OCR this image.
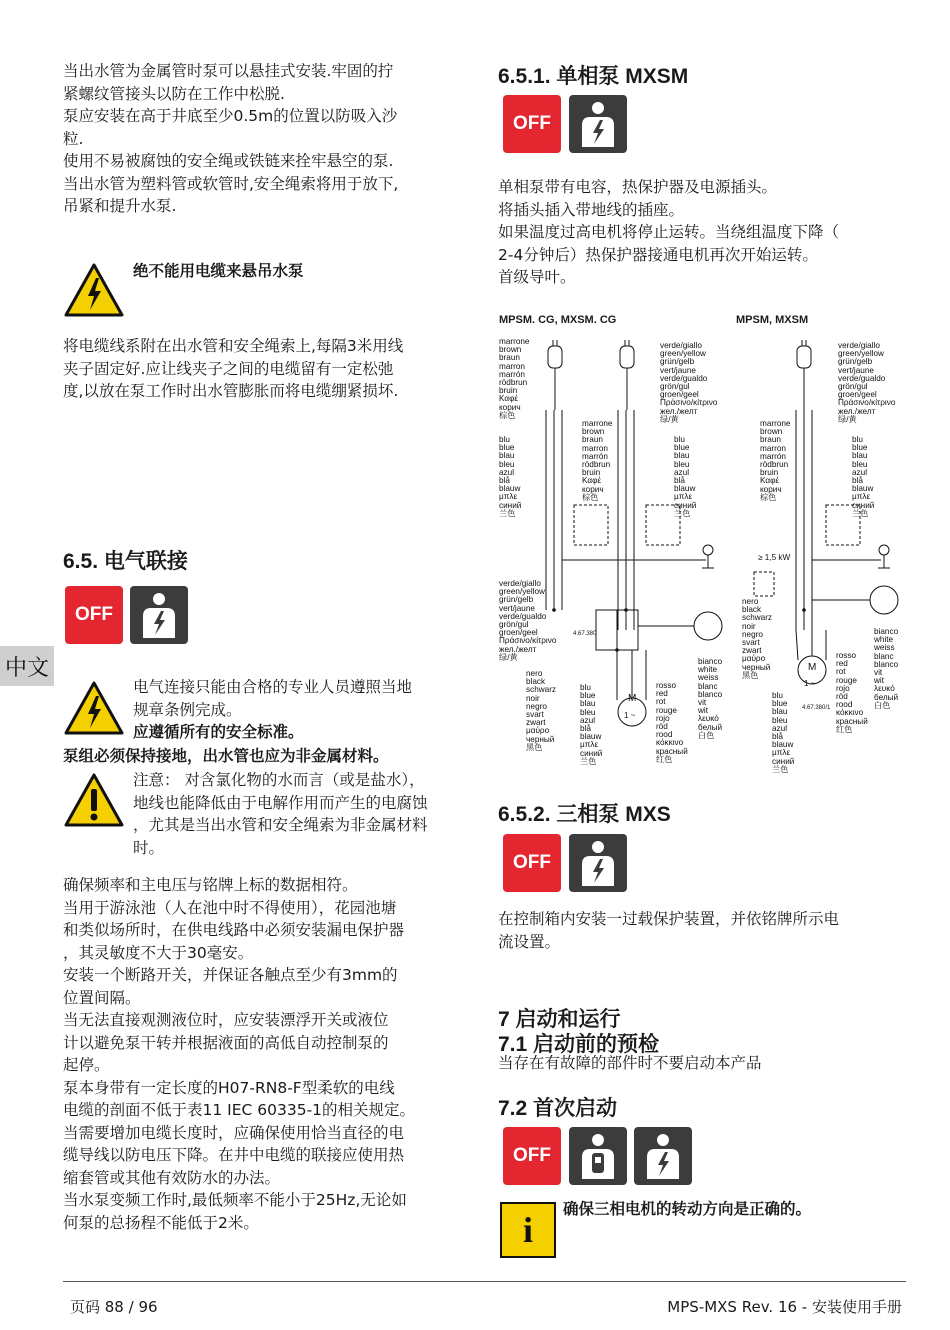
当出水管为金属管时泵可以悬挂式安装.牢固的拧

紧螺纹管接头以防在工作中松脱.

泵应安装在高于井底至少0.5m的位置以防吸入沙

粒.

使用不易被腐蚀的安全绳或铁链来拴牢悬空的泵.

当出水管为塑料管或软管时,安全绳索将用于放下,

吊紧和提升水泵.

绝不能用电缆来悬吊水泵

将电缆线系附在出水管和安全绳索上,每隔3米用线

夹子固定好.应让线夹子之间的电缆留有一定松弛

度,以放在泵工作时出水管膨胀而将电缆绷紧损坏.

6.5. 电气联接
OFF
中文

电气连接只能由合格的专业人员遵照当地

规章条例完成。

应遵循所有的安全标准。

泵组必须保持接地，出水管也应为非金属材料。

注意： 对含氯化物的水而言（或是盐水），

地线也能降低由于电解作用而产生的电腐蚀

，尤其是当出水管和安全绳索为非金属材料

时。

确保频率和主电压与铭牌上标的数据相符。

当用于游泳池（人在池中时不得使用），花园池塘

和类似场所时，在供电线路中必须安装漏电保护器

，其灵敏度不大于30毫安。

安装一个断路开关，并保证各触点至少有3mm的

位置间隔。

当无法直接观测液位时，应安装漂浮开关或液位

计以避免泵干转并根据液面的高低自动控制泵的

起停。

泵本身带有一定长度的H07-RN8-F型柔软的电线

电缆的剖面不低于表11 IEC 60335-1的相关规定。

当需要增加电缆长度时，应确保使用恰当直径的电

缆导线以防电压下降。在井中电缆的联接应使用热

缩套管或其他有效防水的办法。

当水泵变频工作时,最低频率不能小于25Hz,无论如

何泵的总扬程不能低于2米。

6.5.1. 单相泵 MXSM
OFF

单相泵带有电容，热保护器及电源插头。

将插头插入带地线的插座。

如果温度过高电机将停止运转。当绕组温度下降（

2-4分钟后）热保护器接通电机再次开始运转。

首级导叶。

MPSM. CG, MXSM. CG	MPSM, MXSM
marrone
brown
braun
marron
marrón
rödbrun
bruin
Καφέ
корич
棕色
verde/giallo
green/yellow
grün/gelb
vert/jaune
verde/gualdo
grön/gul
groen/geel
Πράσινο/κίτρινο
жел./желт
绿/黄
marrone
brown
braun
marron
marrón
rödbrun
bruin
Καφέ
корич
棕色
blu
blue
blau
bleu
azul
blå
blauw
μπλε
синий
兰色
blu
blue
blau
bleu
azul
blå
blauw
μπλε
синий
兰色
verde/giallo
green/yellow
grün/gelb
vert/jaune
verde/gualdo
grön/gul
groen/geel
Πράσινο/κίτρινο
жел./желт
绿/黄
4.67.380
bianco
white
weiss
blanc
blanco
vit
wit
λευκό
белый
白色
nero
black
schwarz
noir
negro
svart
zwart
μαύρο
черный
黑色
rosso
red
rot
rouge
rojo
röd
rood
κόκκινο
красный
红色
blu
blue
blau
bleu
azul
blå
blauw
μπλε
синий
兰色
M
1 ~
verde/giallo
green/yellow
grün/gelb
vert/jaune
verde/gualdo
grön/gul
groen/geel
Πράσινο/κίτρινο
жел./желт
绿/黄
marrone
brown
braun
marron
marrón
rödbrun
bruin
Καφέ
корич
棕色
blu
blue
blau
bleu
azul
blå
blauw
μπλε
синий
兰色
≥ 1,5 kW
nero
black
schwarz
noir
negro
svart
zwart
μαύρο
черный
黑色
bianco
white
weiss
blanc
blanco
vit
wit
λευκό
белый
白色
rosso
red
rot
rouge
rojo
röd
rood
κόκκινο
красный
红色
M
1 ~
4.67.380/1
blu
blue
blau
bleu
azul
blå
blauw
μπλε
синий
兰色
6.5.2. 三相泵 MXS
OFF

在控制箱内安装一过载保护装置，并依铭牌所示电

流设置。

7 启动和运行
7.1 启动前的预检

当存在有故障的部件时不要启动本产品

7.2 首次启动
OFF
i

确保三相电机的转动方向是正确的。

页码 88 / 96	MPS-MXS Rev. 16 - 安装使用手册
